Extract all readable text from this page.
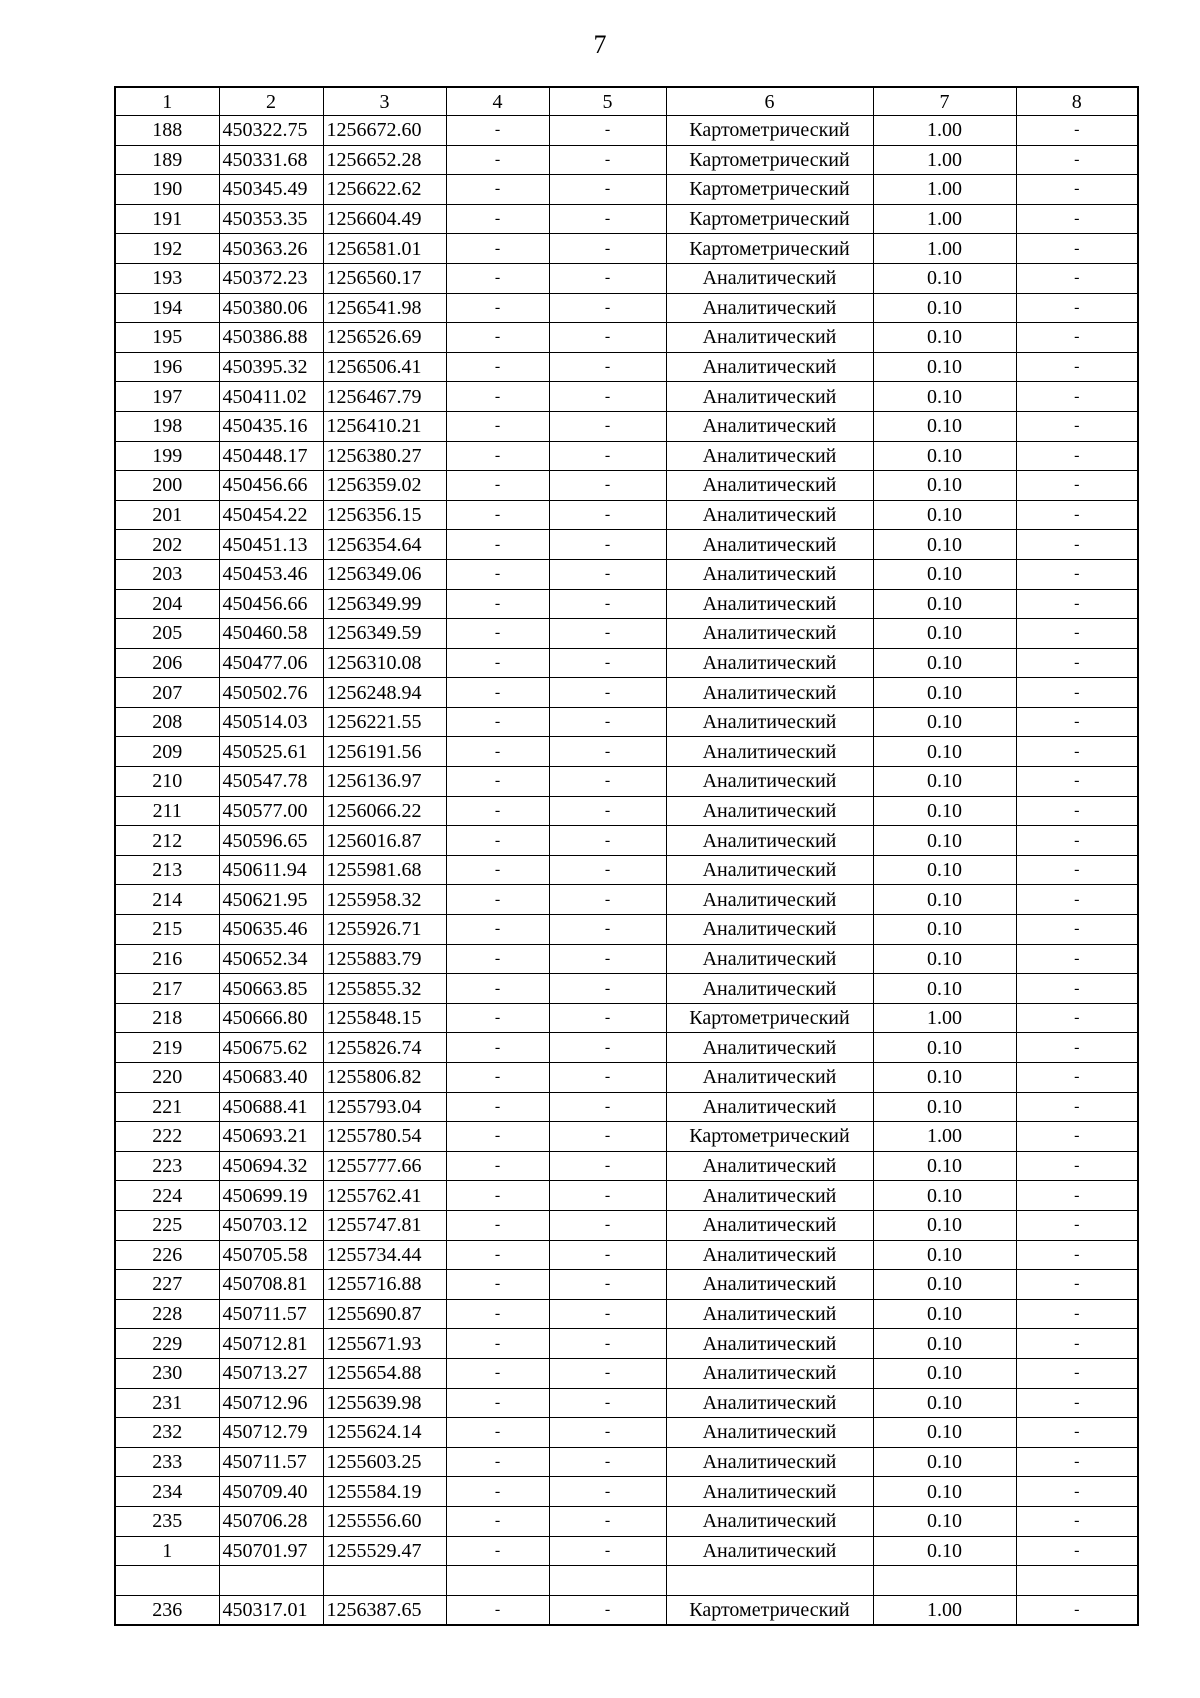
7
1	2	3	4	5	6	7	8
188	450322.75	1256672.60	-	-	Картометрический	1.00	-
189	450331.68	1256652.28	-	-	Картометрический	1.00	-
190	450345.49	1256622.62	-	-	Картометрический	1.00	-
191	450353.35	1256604.49	-	-	Картометрический	1.00	-
192	450363.26	1256581.01	-	-	Картометрический	1.00	-
193	450372.23	1256560.17	-	-	Аналитический	0.10	-
194	450380.06	1256541.98	-	-	Аналитический	0.10	-
195	450386.88	1256526.69	-	-	Аналитический	0.10	-
196	450395.32	1256506.41	-	-	Аналитический	0.10	-
197	450411.02	1256467.79	-	-	Аналитический	0.10	-
198	450435.16	1256410.21	-	-	Аналитический	0.10	-
199	450448.17	1256380.27	-	-	Аналитический	0.10	-
200	450456.66	1256359.02	-	-	Аналитический	0.10	-
201	450454.22	1256356.15	-	-	Аналитический	0.10	-
202	450451.13	1256354.64	-	-	Аналитический	0.10	-
203	450453.46	1256349.06	-	-	Аналитический	0.10	-
204	450456.66	1256349.99	-	-	Аналитический	0.10	-
205	450460.58	1256349.59	-	-	Аналитический	0.10	-
206	450477.06	1256310.08	-	-	Аналитический	0.10	-
207	450502.76	1256248.94	-	-	Аналитический	0.10	-
208	450514.03	1256221.55	-	-	Аналитический	0.10	-
209	450525.61	1256191.56	-	-	Аналитический	0.10	-
210	450547.78	1256136.97	-	-	Аналитический	0.10	-
211	450577.00	1256066.22	-	-	Аналитический	0.10	-
212	450596.65	1256016.87	-	-	Аналитический	0.10	-
213	450611.94	1255981.68	-	-	Аналитический	0.10	-
214	450621.95	1255958.32	-	-	Аналитический	0.10	-
215	450635.46	1255926.71	-	-	Аналитический	0.10	-
216	450652.34	1255883.79	-	-	Аналитический	0.10	-
217	450663.85	1255855.32	-	-	Аналитический	0.10	-
218	450666.80	1255848.15	-	-	Картометрический	1.00	-
219	450675.62	1255826.74	-	-	Аналитический	0.10	-
220	450683.40	1255806.82	-	-	Аналитический	0.10	-
221	450688.41	1255793.04	-	-	Аналитический	0.10	-
222	450693.21	1255780.54	-	-	Картометрический	1.00	-
223	450694.32	1255777.66	-	-	Аналитический	0.10	-
224	450699.19	1255762.41	-	-	Аналитический	0.10	-
225	450703.12	1255747.81	-	-	Аналитический	0.10	-
226	450705.58	1255734.44	-	-	Аналитический	0.10	-
227	450708.81	1255716.88	-	-	Аналитический	0.10	-
228	450711.57	1255690.87	-	-	Аналитический	0.10	-
229	450712.81	1255671.93	-	-	Аналитический	0.10	-
230	450713.27	1255654.88	-	-	Аналитический	0.10	-
231	450712.96	1255639.98	-	-	Аналитический	0.10	-
232	450712.79	1255624.14	-	-	Аналитический	0.10	-
233	450711.57	1255603.25	-	-	Аналитический	0.10	-
234	450709.40	1255584.19	-	-	Аналитический	0.10	-
235	450706.28	1255556.60	-	-	Аналитический	0.10	-
1	450701.97	1255529.47	-	-	Аналитический	0.10	-

236	450317.01	1256387.65	-	-	Картометрический	1.00	-
